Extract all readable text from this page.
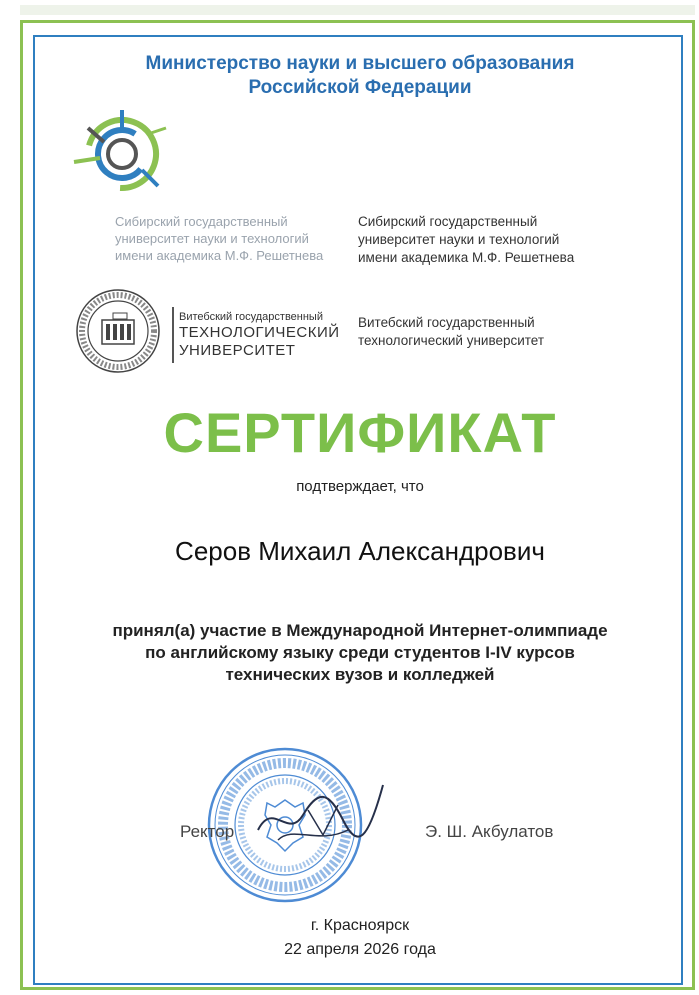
Министерство науки и высшего образования
Российской Федерации
Сибирский государственный
университет науки и технологий
имени академика М.Ф. Решетнева
Сибирский государственный
университет науки и технологий
имени академика М.Ф. Решетнева
Витебский государственный
ТЕХНОЛОГИЧЕСКИЙ
УНИВЕРСИТЕТ
Витебский государственный
технологический университет
СЕРТИФИКАТ
подтверждает, что
Серов Михаил Александрович
принял(а) участие в Международной Интернет-олимпиаде
по английскому языку среди студентов I-IV курсов
технических вузов и колледжей
Ректор	Э. Ш. Акбулатов
г. Красноярск
22 апреля 2026 года
